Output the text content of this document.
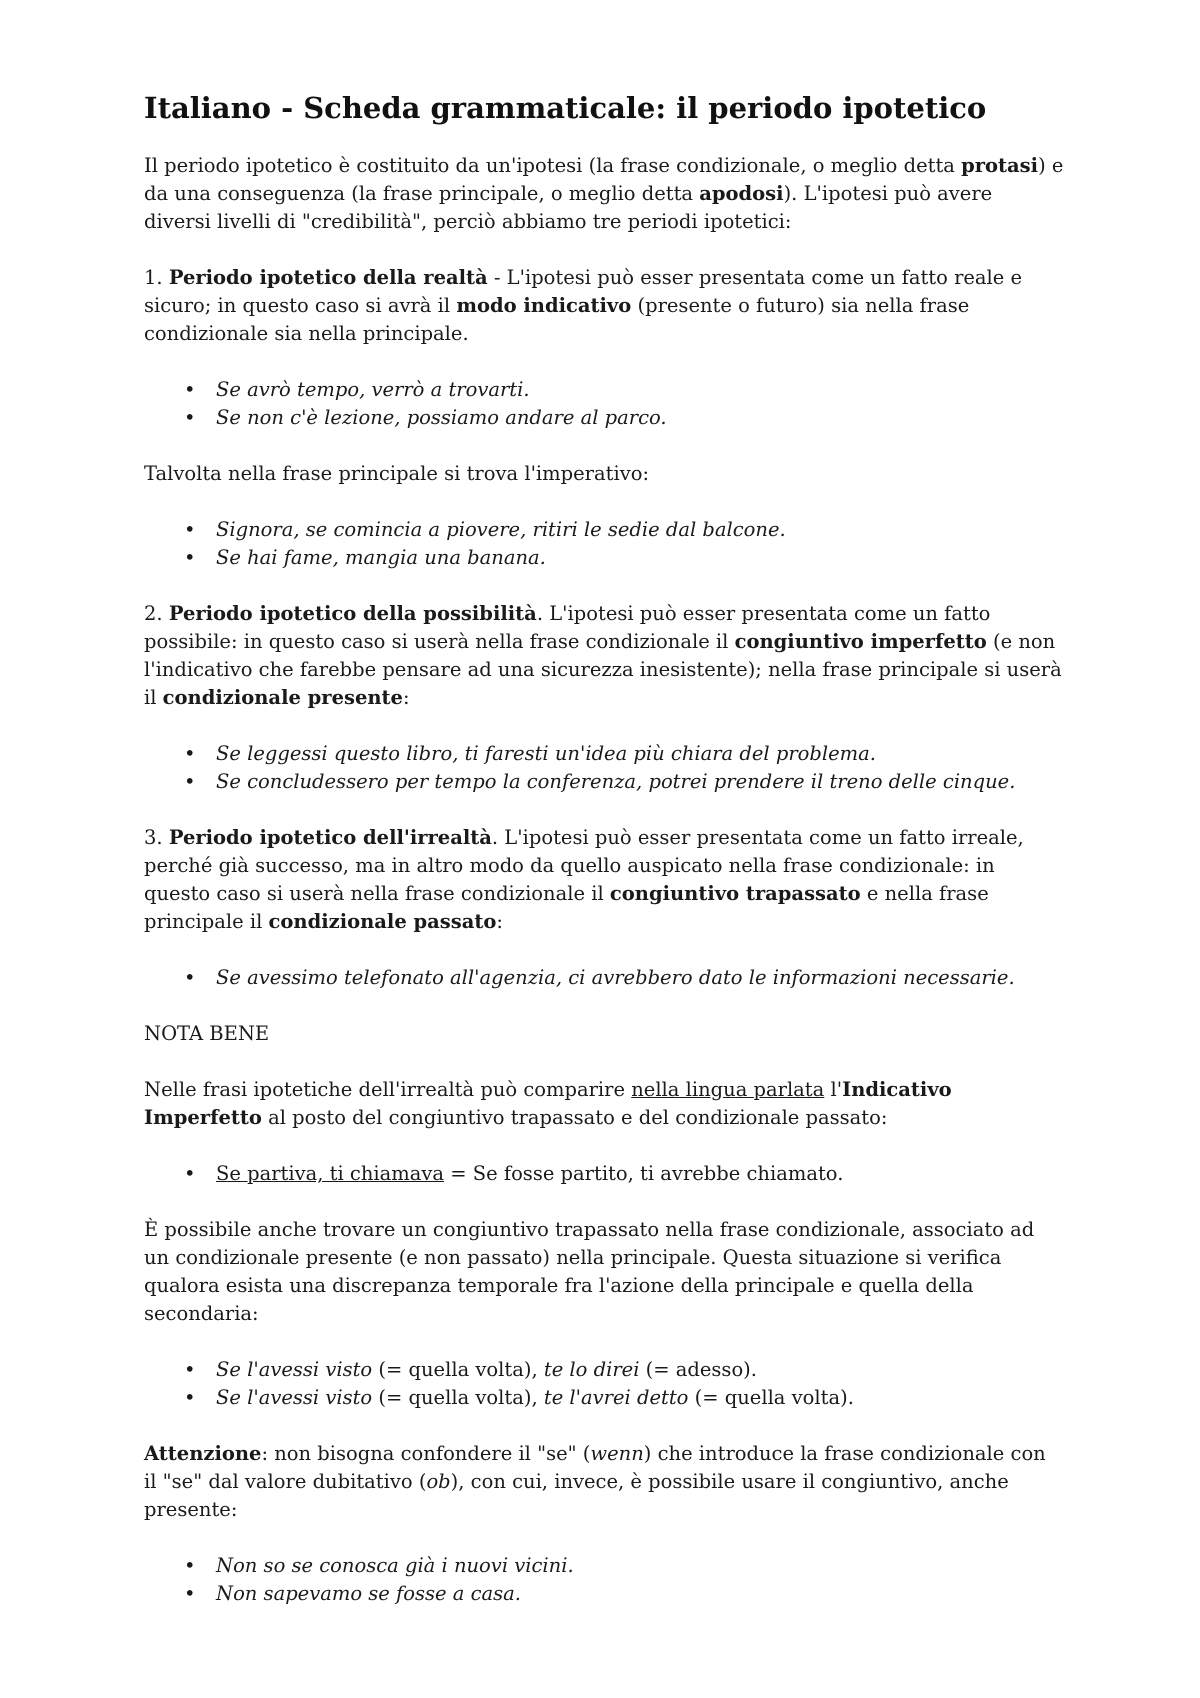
Italiano - Scheda grammaticale: il periodo ipotetico

Il periodo ipotetico è costituito da un'ipotesi (la frase condizionale, o meglio detta protasi) e da una conseguenza (la frase principale, o meglio detta apodosi). L'ipotesi può avere diversi livelli di "credibilità", perciò abbiamo tre periodi ipotetici:

1. Periodo ipotetico della realtà - L'ipotesi può esser presentata come un fatto reale e sicuro; in questo caso si avrà il modo indicativo (presente o futuro) sia nella frase condizionale sia nella principale.

• Se avrò tempo, verrò a trovarti.
• Se non c'è lezione, possiamo andare al parco.

Talvolta nella frase principale si trova l'imperativo:

• Signora, se comincia a piovere, ritiri le sedie dal balcone.
• Se hai fame, mangia una banana.

2. Periodo ipotetico della possibilità. L'ipotesi può esser presentata come un fatto possibile: in questo caso si userà nella frase condizionale il congiuntivo imperfetto (e non l'indicativo che farebbe pensare ad una sicurezza inesistente); nella frase principale si userà il condizionale presente:

• Se leggessi questo libro, ti faresti un'idea più chiara del problema.
• Se concludessero per tempo la conferenza, potrei prendere il treno delle cinque.

3. Periodo ipotetico dell'irrealtà. L'ipotesi può esser presentata come un fatto irreale, perché già successo, ma in altro modo da quello auspicato nella frase condizionale: in questo caso si userà nella frase condizionale il congiuntivo trapassato e nella frase principale il condizionale passato:

• Se avessimo telefonato all'agenzia, ci avrebbero dato le informazioni necessarie.

NOTA BENE

Nelle frasi ipotetiche dell'irrealtà può comparire nella lingua parlata l'Indicativo Imperfetto al posto del congiuntivo trapassato e del condizionale passato:

• Se partiva, ti chiamava = Se fosse partito, ti avrebbe chiamato.

È possibile anche trovare un congiuntivo trapassato nella frase condizionale, associato ad un condizionale presente (e non passato) nella principale. Questa situazione si verifica qualora esista una discrepanza temporale fra l'azione della principale e quella della secondaria:

• Se l'avessi visto (= quella volta), te lo direi (= adesso).
• Se l'avessi visto (= quella volta), te l'avrei detto (= quella volta).

Attenzione: non bisogna confondere il "se" (wenn) che introduce la frase condizionale con il "se" dal valore dubitativo (ob), con cui, invece, è possibile usare il congiuntivo, anche presente:

• Non so se conosca già i nuovi vicini.
• Non sapevamo se fosse a casa.
